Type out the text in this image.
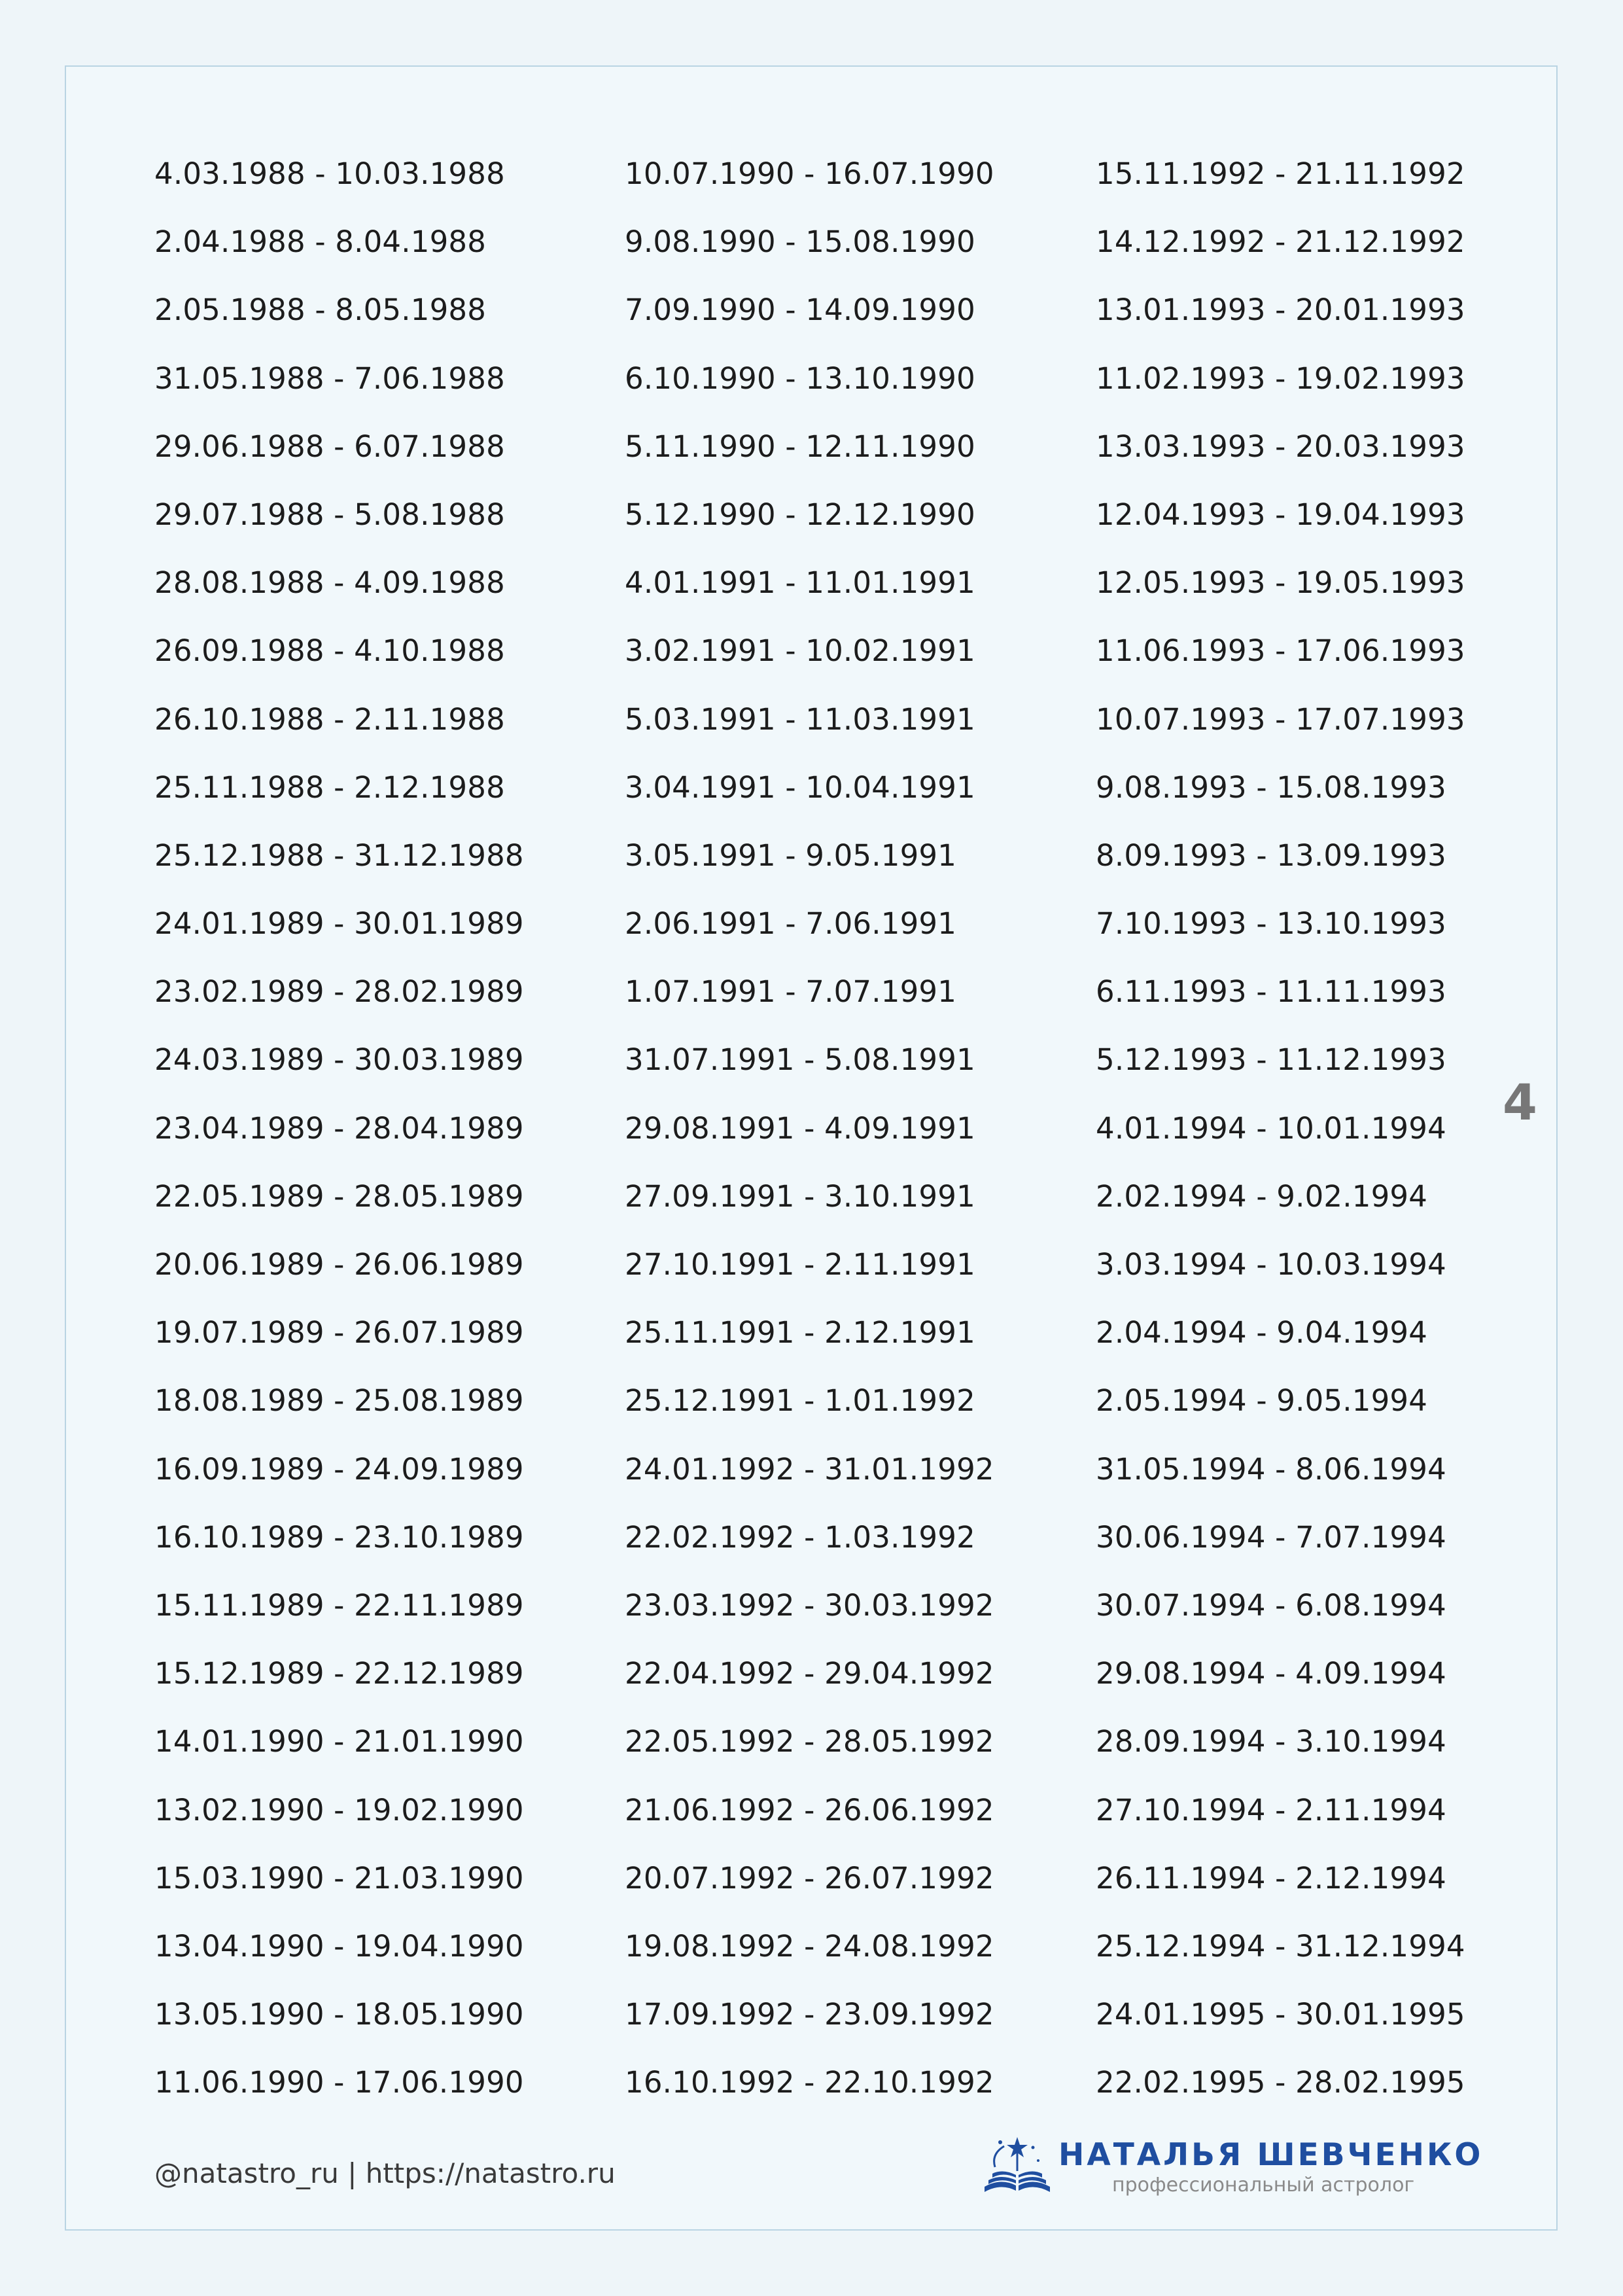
4.03.1988 - 10.03.1988
2.04.1988 - 8.04.1988
2.05.1988 - 8.05.1988
31.05.1988 - 7.06.1988
29.06.1988 - 6.07.1988
29.07.1988 - 5.08.1988
28.08.1988 - 4.09.1988
26.09.1988 - 4.10.1988
26.10.1988 - 2.11.1988
25.11.1988 - 2.12.1988
25.12.1988 - 31.12.1988
24.01.1989 - 30.01.1989
23.02.1989 - 28.02.1989
24.03.1989 - 30.03.1989
23.04.1989 - 28.04.1989
22.05.1989 - 28.05.1989
20.06.1989 - 26.06.1989
19.07.1989 - 26.07.1989
18.08.1989 - 25.08.1989
16.09.1989 - 24.09.1989
16.10.1989 - 23.10.1989
15.11.1989 - 22.11.1989
15.12.1989 - 22.12.1989
14.01.1990 - 21.01.1990
13.02.1990 - 19.02.1990
15.03.1990 - 21.03.1990
13.04.1990 - 19.04.1990
13.05.1990 - 18.05.1990
11.06.1990 - 17.06.1990
10.07.1990 - 16.07.1990
9.08.1990 - 15.08.1990
7.09.1990 - 14.09.1990
6.10.1990 - 13.10.1990
5.11.1990 - 12.11.1990
5.12.1990 - 12.12.1990
4.01.1991 - 11.01.1991
3.02.1991 - 10.02.1991
5.03.1991 - 11.03.1991
3.04.1991 - 10.04.1991
3.05.1991 - 9.05.1991
2.06.1991 - 7.06.1991
1.07.1991 - 7.07.1991
31.07.1991 - 5.08.1991
29.08.1991 - 4.09.1991
27.09.1991 - 3.10.1991
27.10.1991 - 2.11.1991
25.11.1991 - 2.12.1991
25.12.1991 - 1.01.1992
24.01.1992 - 31.01.1992
22.02.1992 - 1.03.1992
23.03.1992 - 30.03.1992
22.04.1992 - 29.04.1992
22.05.1992 - 28.05.1992
21.06.1992 - 26.06.1992
20.07.1992 - 26.07.1992
19.08.1992 - 24.08.1992
17.09.1992 - 23.09.1992
16.10.1992 - 22.10.1992
15.11.1992 - 21.11.1992
14.12.1992 - 21.12.1992
13.01.1993 - 20.01.1993
11.02.1993 - 19.02.1993
13.03.1993 - 20.03.1993
12.04.1993 - 19.04.1993
12.05.1993 - 19.05.1993
11.06.1993 - 17.06.1993
10.07.1993 - 17.07.1993
9.08.1993 - 15.08.1993
8.09.1993 - 13.09.1993
7.10.1993 - 13.10.1993
6.11.1993 - 11.11.1993
5.12.1993 - 11.12.1993
4.01.1994 - 10.01.1994
2.02.1994 - 9.02.1994
3.03.1994 - 10.03.1994
2.04.1994 - 9.04.1994
2.05.1994 - 9.05.1994
31.05.1994 - 8.06.1994
30.06.1994 - 7.07.1994
30.07.1994 - 6.08.1994
29.08.1994 - 4.09.1994
28.09.1994 - 3.10.1994
27.10.1994 - 2.11.1994
26.11.1994 - 2.12.1994
25.12.1994 - 31.12.1994
24.01.1995 - 30.01.1995
22.02.1995 - 28.02.1995
4
@natastro_ru | https://natastro.ru
НАТАЛЬЯ ШЕВЧЕНКО
профессиональный астролог
